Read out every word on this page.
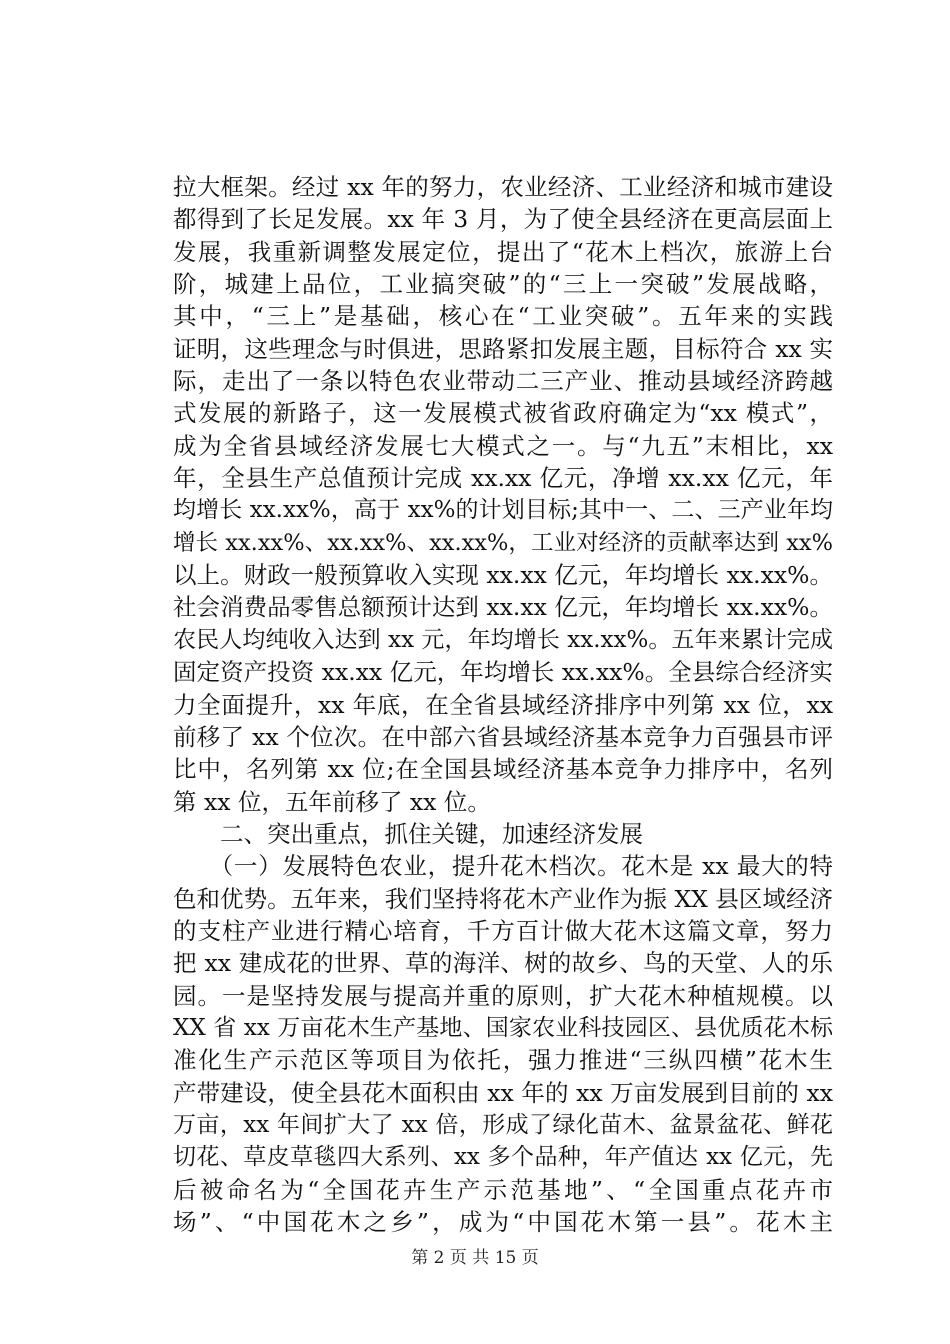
拉大框架。经过 xx 年的努力，农业经济、工业经济和城市建设
都得到了长足发展。xx 年 3 月，为了使全县经济在更高层面上
发展，我重新调整发展定位，提出了“花木上档次，旅游上台
阶，城建上品位，工业搞突破”的“三上一突破”发展战略，
其中，“三上”是基础，核心在“工业突破”。五年来的实践
证明，这些理念与时俱进，思路紧扣发展主题，目标符合 xx 实
际，走出了一条以特色农业带动二三产业、推动县域经济跨越
式发展的新路子，这一发展模式被省政府确定为“xx 模式”，
成为全省县域经济发展七大模式之一。与“九五”末相比，xx
年，全县生产总值预计完成 xx.xx 亿元，净增 xx.xx 亿元，年
均增长 xx.xx%，高于 xx%的计划目标;其中一、二、三产业年均
增长 xx.xx%、xx.xx%、xx.xx%，工业对经济的贡献率达到 xx%
以上。财政一般预算收入实现 xx.xx 亿元，年均增长 xx.xx%。
社会消费品零售总额预计达到 xx.xx 亿元，年均增长 xx.xx%。
农民人均纯收入达到 xx 元，年均增长 xx.xx%。五年来累计完成
固定资产投资 xx.xx 亿元，年均增长 xx.xx%。全县综合经济实
力全面提升，xx 年底，在全省县域经济排序中列第 xx 位，xx
前移了 xx 个位次。在中部六省县域经济基本竞争力百强县市评
比中，名列第 xx 位;在全国县域经济基本竞争力排序中，名列
第 xx 位，五年前移了 xx 位。
　　二、突出重点，抓住关键，加速经济发展
　　（一）发展特色农业，提升花木档次。花木是 xx 最大的特
色和优势。五年来，我们坚持将花木产业作为振 XX 县区域经济
的支柱产业进行精心培育，千方百计做大花木这篇文章，努力
把 xx 建成花的世界、草的海洋、树的故乡、鸟的天堂、人的乐
园。一是坚持发展与提高并重的原则，扩大花木种植规模。以
XX 省 xx 万亩花木生产基地、国家农业科技园区、县优质花木标
准化生产示范区等项目为依托，强力推进“三纵四横”花木生
产带建设，使全县花木面积由 xx 年的 xx 万亩发展到目前的 xx
万亩，xx 年间扩大了 xx 倍，形成了绿化苗木、盆景盆花、鲜花
切花、草皮草毯四大系列、xx 多个品种，年产值达 xx 亿元，先
后被命名为“全国花卉生产示范基地”、“全国重点花卉市
场”、“中国花木之乡”，成为“中国花木第一县”。花木主
第 2 页 共 15 页
